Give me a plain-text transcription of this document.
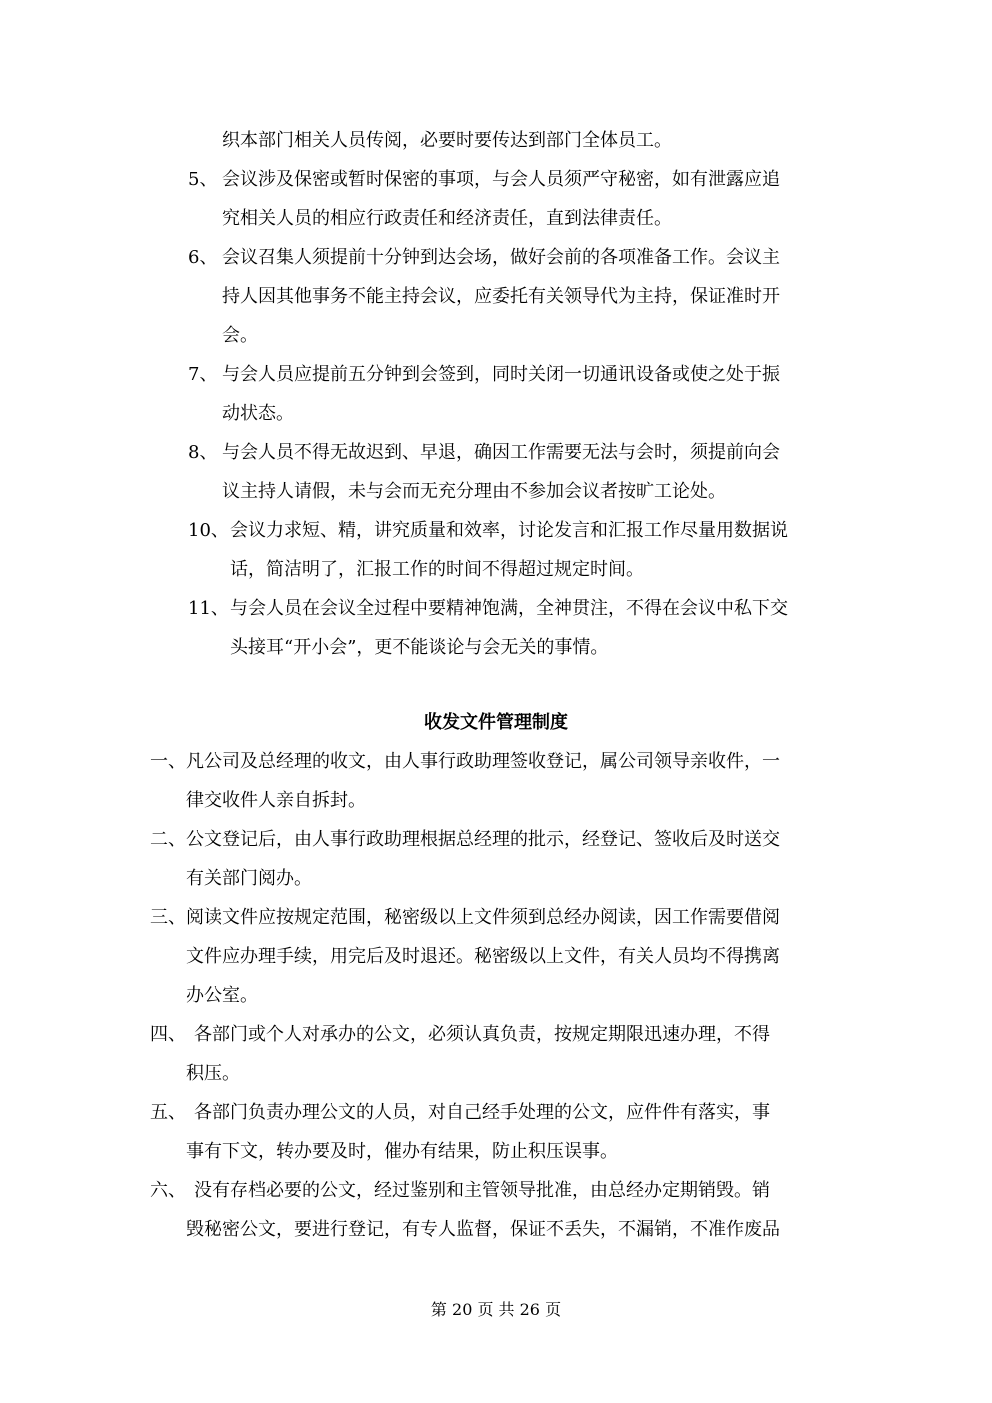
织本部门相关人员传阅，必要时要传达到部门全体员工。
5、 会议涉及保密或暂时保密的事项，与会人员须严守秘密，如有泄露应追
究相关人员的相应行政责任和经济责任，直到法律责任。
6、 会议召集人须提前十分钟到达会场，做好会前的各项准备工作。会议主
持人因其他事务不能主持会议，应委托有关领导代为主持，保证准时开
会。
7、 与会人员应提前五分钟到会签到，同时关闭一切通讯设备或使之处于振
动状态。
8、 与会人员不得无故迟到、早退，确因工作需要无法与会时，须提前向会
议主持人请假，未与会而无充分理由不参加会议者按旷工论处。
10、会议力求短、精，讲究质量和效率，讨论发言和汇报工作尽量用数据说
话，简洁明了，汇报工作的时间不得超过规定时间。
11、与会人员在会议全过程中要精神饱满，全神贯注，不得在会议中私下交
头接耳“开小会”，更不能谈论与会无关的事情。
收发文件管理制度
一、凡公司及总经理的收文，由人事行政助理签收登记，属公司领导亲收件，一
律交收件人亲自拆封。
二、公文登记后，由人事行政助理根据总经理的批示，经登记、签收后及时送交
有关部门阅办。
三、阅读文件应按规定范围，秘密级以上文件须到总经办阅读，因工作需要借阅
文件应办理手续，用完后及时退还。秘密级以上文件，有关人员均不得携离
办公室。
四、 各部门或个人对承办的公文，必须认真负责，按规定期限迅速办理，不得
积压。
五、 各部门负责办理公文的人员，对自己经手处理的公文，应件件有落实，事
事有下文，转办要及时，催办有结果，防止积压误事。
六、 没有存档必要的公文，经过鉴别和主管领导批准，由总经办定期销毁。销
毁秘密公文，要进行登记，有专人监督，保证不丢失，不漏销，不准作废品
第 20 页 共 26 页
